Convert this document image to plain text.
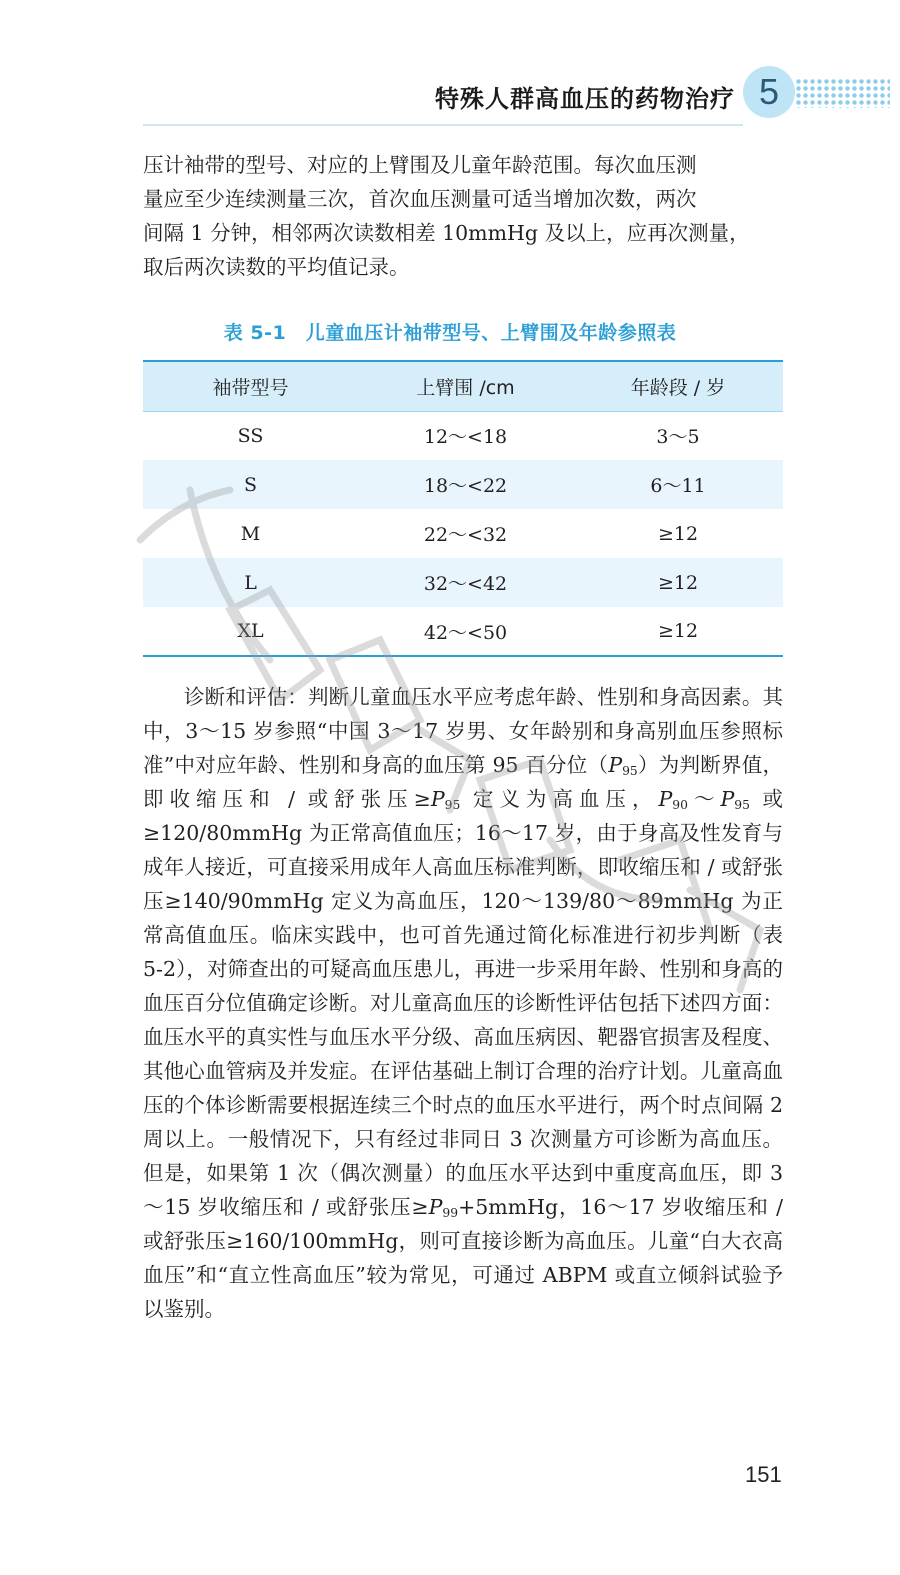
特殊人群高血压的药物治疗 5

压计袖带的型号、对应的上臂围及儿童年龄范围。每次血压测

量应至少连续测量三次，首次血压测量可适当增加次数，两次

间隔 1 分钟，相邻两次读数相差 10mmHg 及以上，应再次测量，

取后两次读数的平均值记录。

表 5-1　儿童血压计袖带型号、上臂围及年龄参照表
袖带型号	上臂围 /cm	年龄段 / 岁
SS	12～<18	3～5
S	18～<22	6～11
M	22～<32	≥12
L	32～<42	≥12
XL	42～<50	≥12
诊断和评估：判断儿童血压水平应考虑年龄、性别和身高因素。其中，3～15 岁参照“中国 3～17 岁男、女年龄别和身高别血压参照标准”中对应年龄、性别和身高的血压第 95 百分位$(P_{95})$为判断界值，即收缩压和 / 或舒张压$\ge P_{95}$ 定义为高血压，$P_{90}\sim P_{95}$ 或≥120/80mmHg 为正常高值血压；16～17 岁，由于身高及性发育与成年人接近，可直接采用成年人高血压标准判断，即收缩压和 / 或舒张压≥140/90mmHg 定义为高血压，120～139/80～89mmHg 为正常高值血压。临床实践中，也可首先通过简化标准进行初步判断（表 5-2），对筛查出的可疑高血压患儿，再进一步采用年龄、性别和身高的血压百分位值确定诊断。对儿童高血压的诊断性评估包括下述四方面：血压水平的真实性与血压水平分级、高血压病因、靶器官损害及程度、其他心血管病及并发症。在评估基础上制订合理的治疗计划。儿童高血压的个体诊断需要根据连续三个时点的血压水平进行，两个时点间隔 2 周以上。一般情况下，只有经过非同日 3 次测量方可诊断为高血压。但是，如果第 1 次（偶次测量）的血压水平达到中重度高血压，即 3～15 岁收缩压和 / 或舒张压$\ge P_{99}+5mmHg$，16～17 岁收缩压和 / 或舒张压≥160/100mmHg，则可直接诊断为高血压。儿童“白大衣高血压”和“直立性高血压”较为常见，可通过 ABPM 或直立倾斜试验予以鉴别。
151
